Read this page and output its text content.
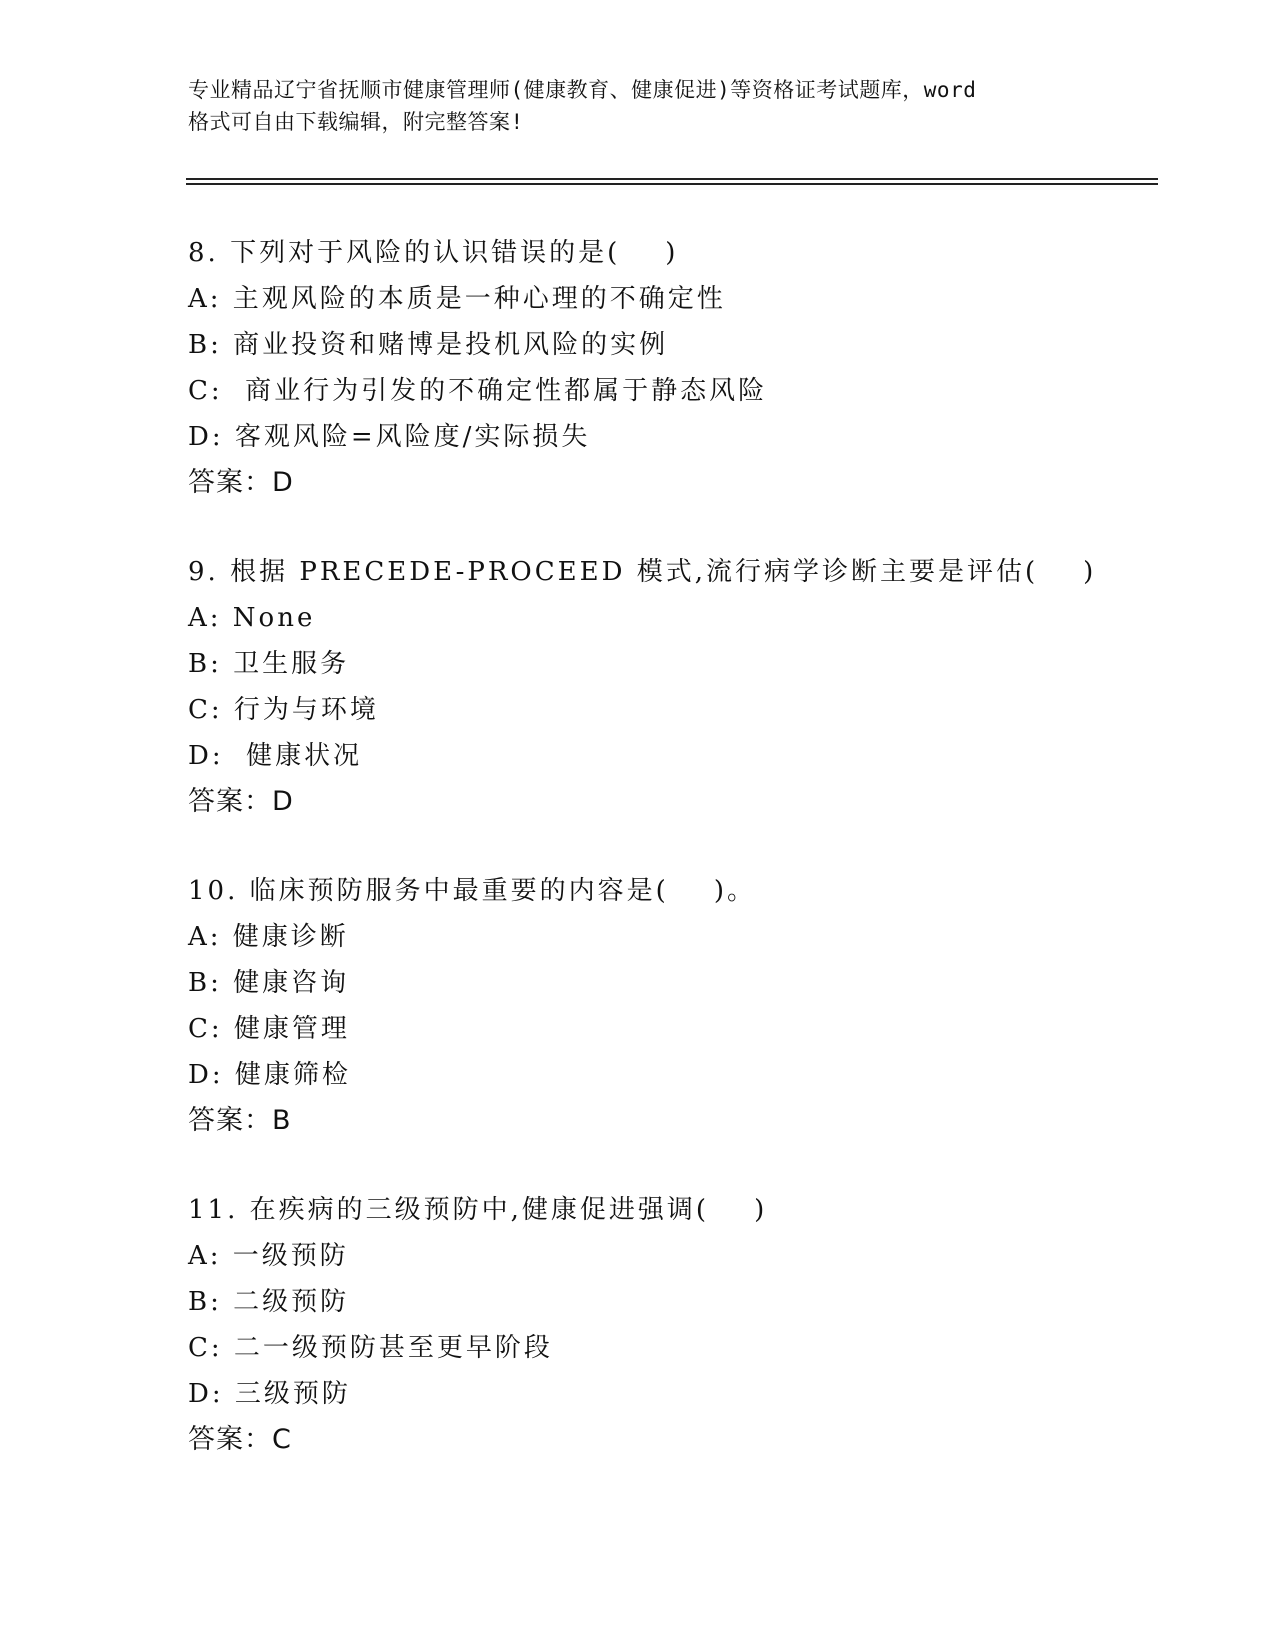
专业精品辽宁省抚顺市健康管理师(健康教育、健康促进)等资格证考试题库，word
格式可自由下载编辑，附完整答案!
8. 下列对于风险的认识错误的是(    )
A: 主观风险的本质是一种心理的不确定性
B: 商业投资和赌博是投机风险的实例
C:  商业行为引发的不确定性都属于静态风险
D: 客观风险=风险度/实际损失
答案：D
9. 根据 PRECEDE-PROCEED 模式,流行病学诊断主要是评估(    )
A: None
B: 卫生服务
C: 行为与环境
D:  健康状况
答案：D
10. 临床预防服务中最重要的内容是(    )。
A: 健康诊断
B: 健康咨询
C: 健康管理
D: 健康筛检
答案：B
11. 在疾病的三级预防中,健康促进强调(    )
A: 一级预防
B: 二级预防
C: 二一级预防甚至更早阶段
D: 三级预防
答案：C
